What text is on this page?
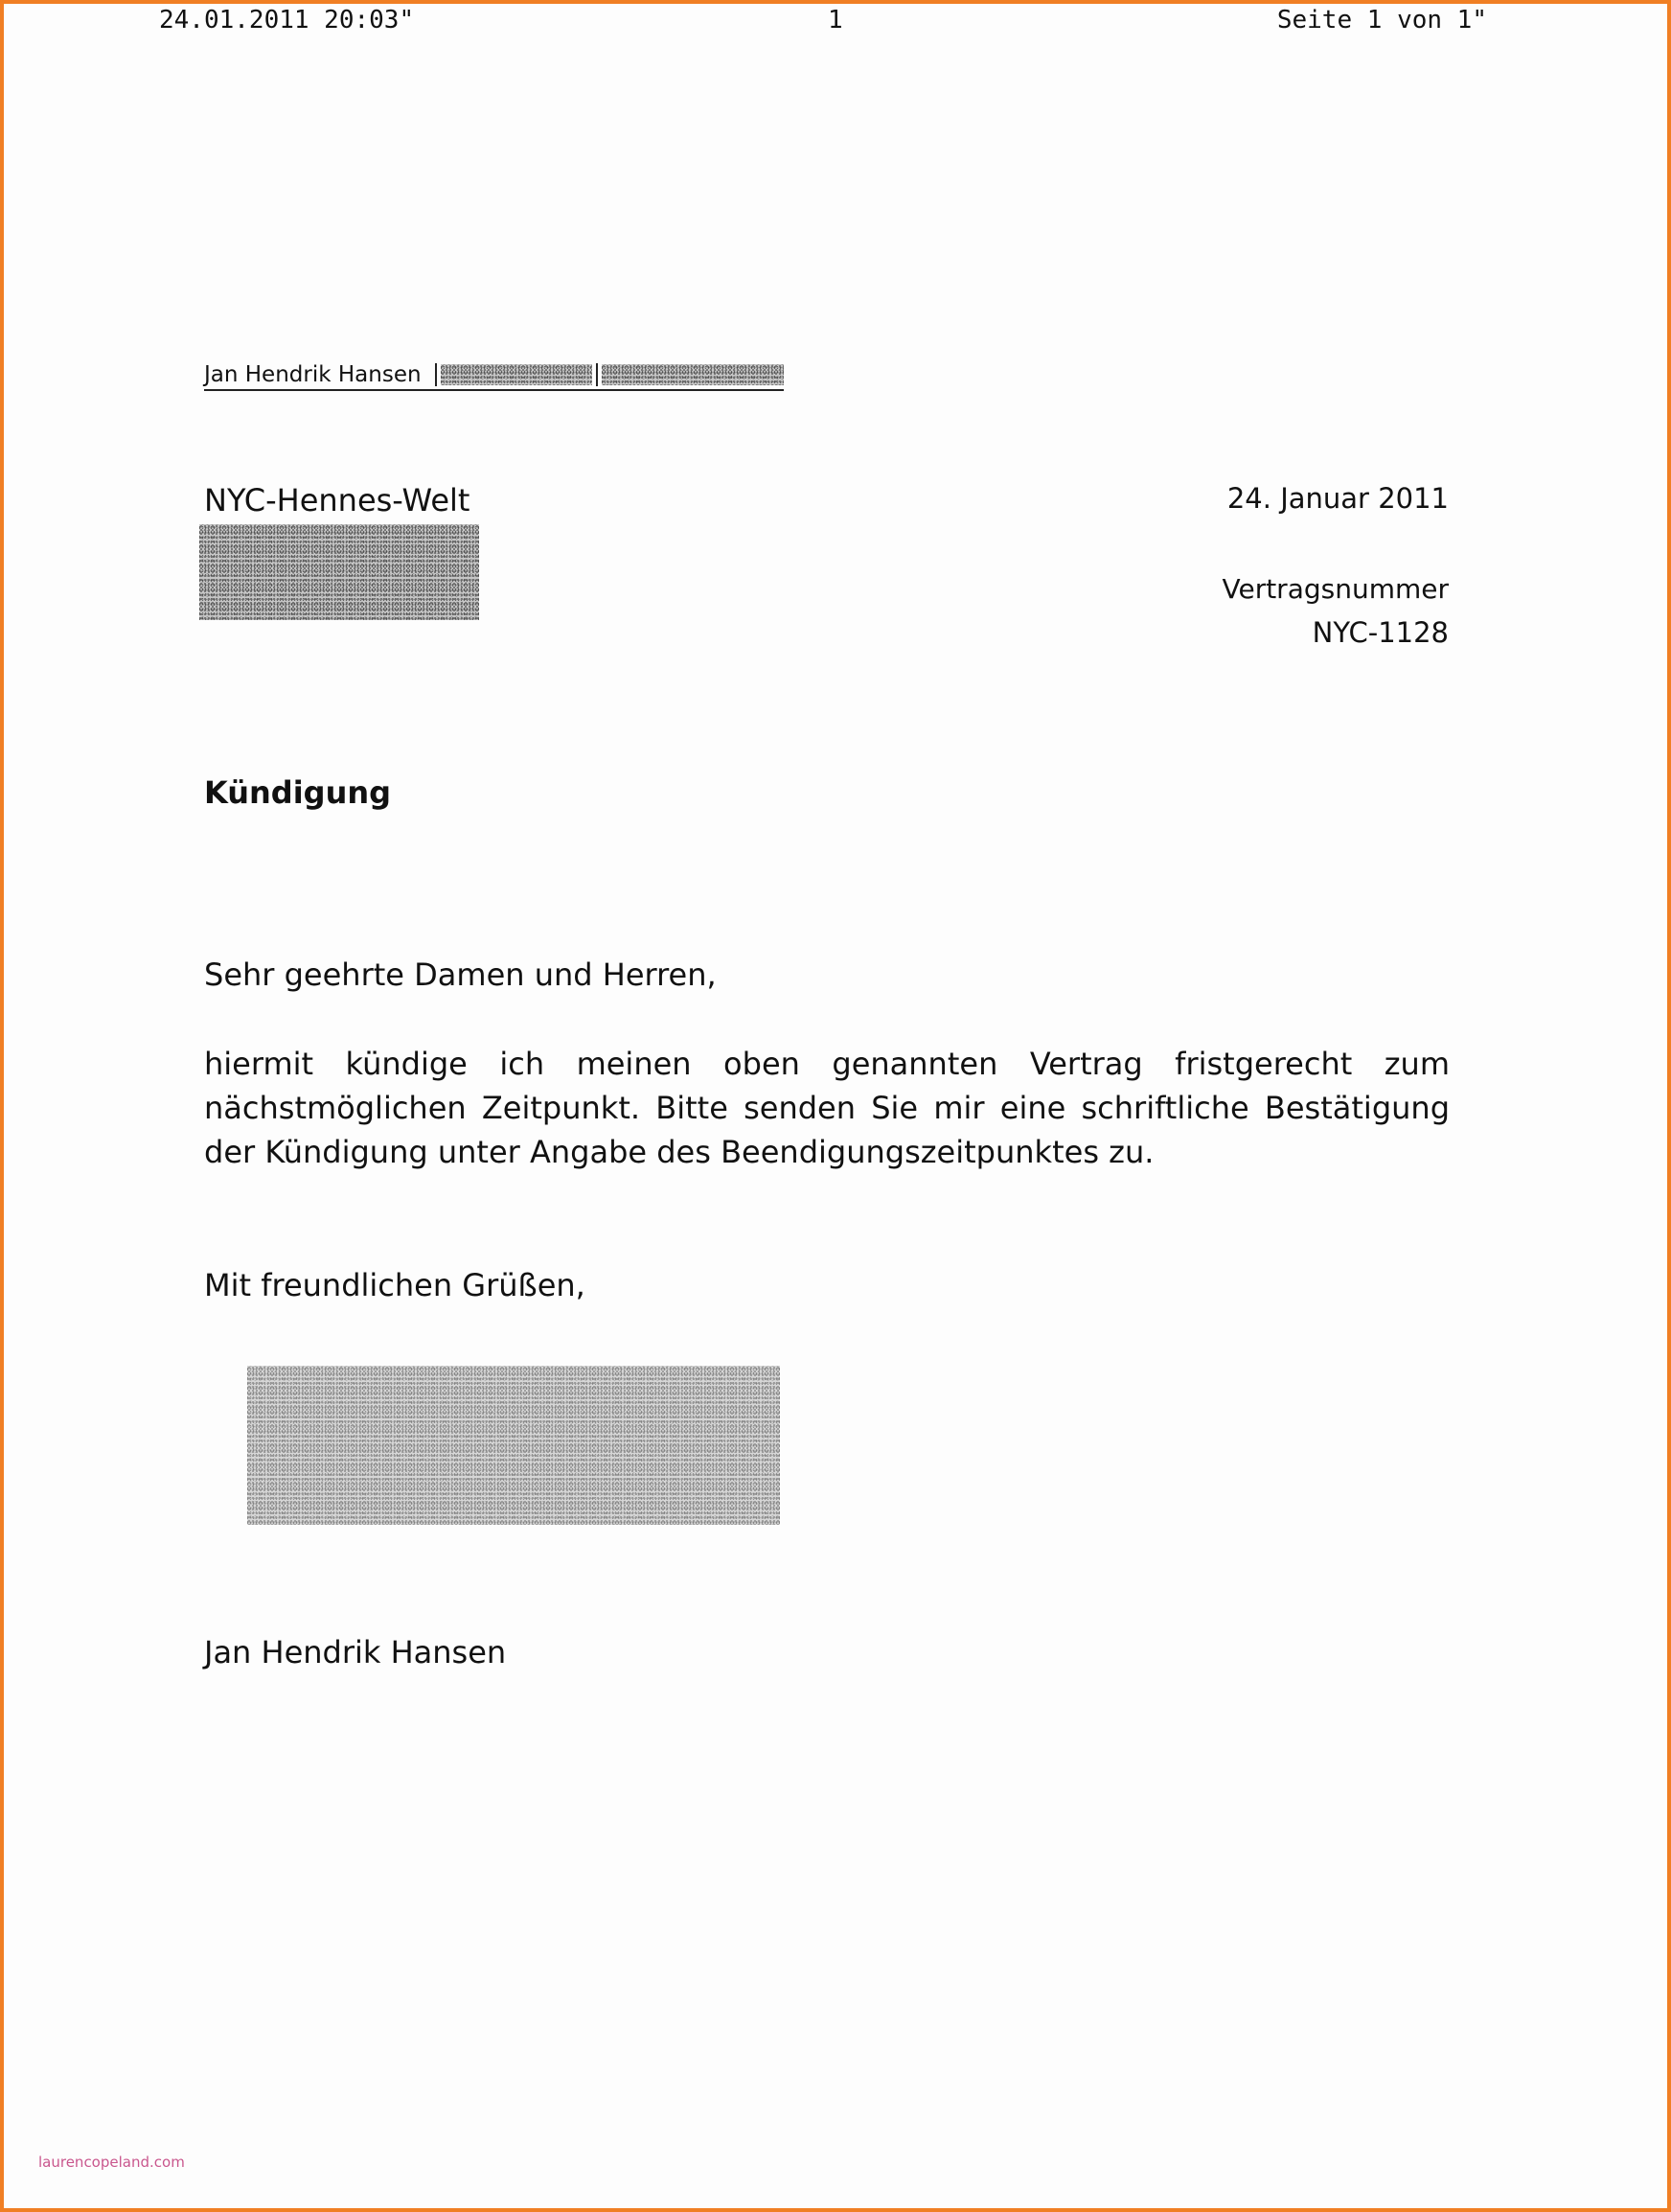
24.01.2011 20:03"	1	Seite 1 von 1"
Jan Hendrik Hansen
NYC-Hennes-Welt	24. Januar 2011
Vertragsnummer
NYC-1128
Kündigung
Sehr geehrte Damen und Herren,
hiermit kündige ich meinen oben genannten Vertrag fristgerecht zum nächstmöglichen Zeitpunkt. Bitte senden Sie mir eine schriftliche Bestätigung der Kündigung unter Angabe des Beendigungszeitpunktes zu.
Mit freundlichen Grüßen,
Jan Hendrik Hansen
laurencopeland.com
